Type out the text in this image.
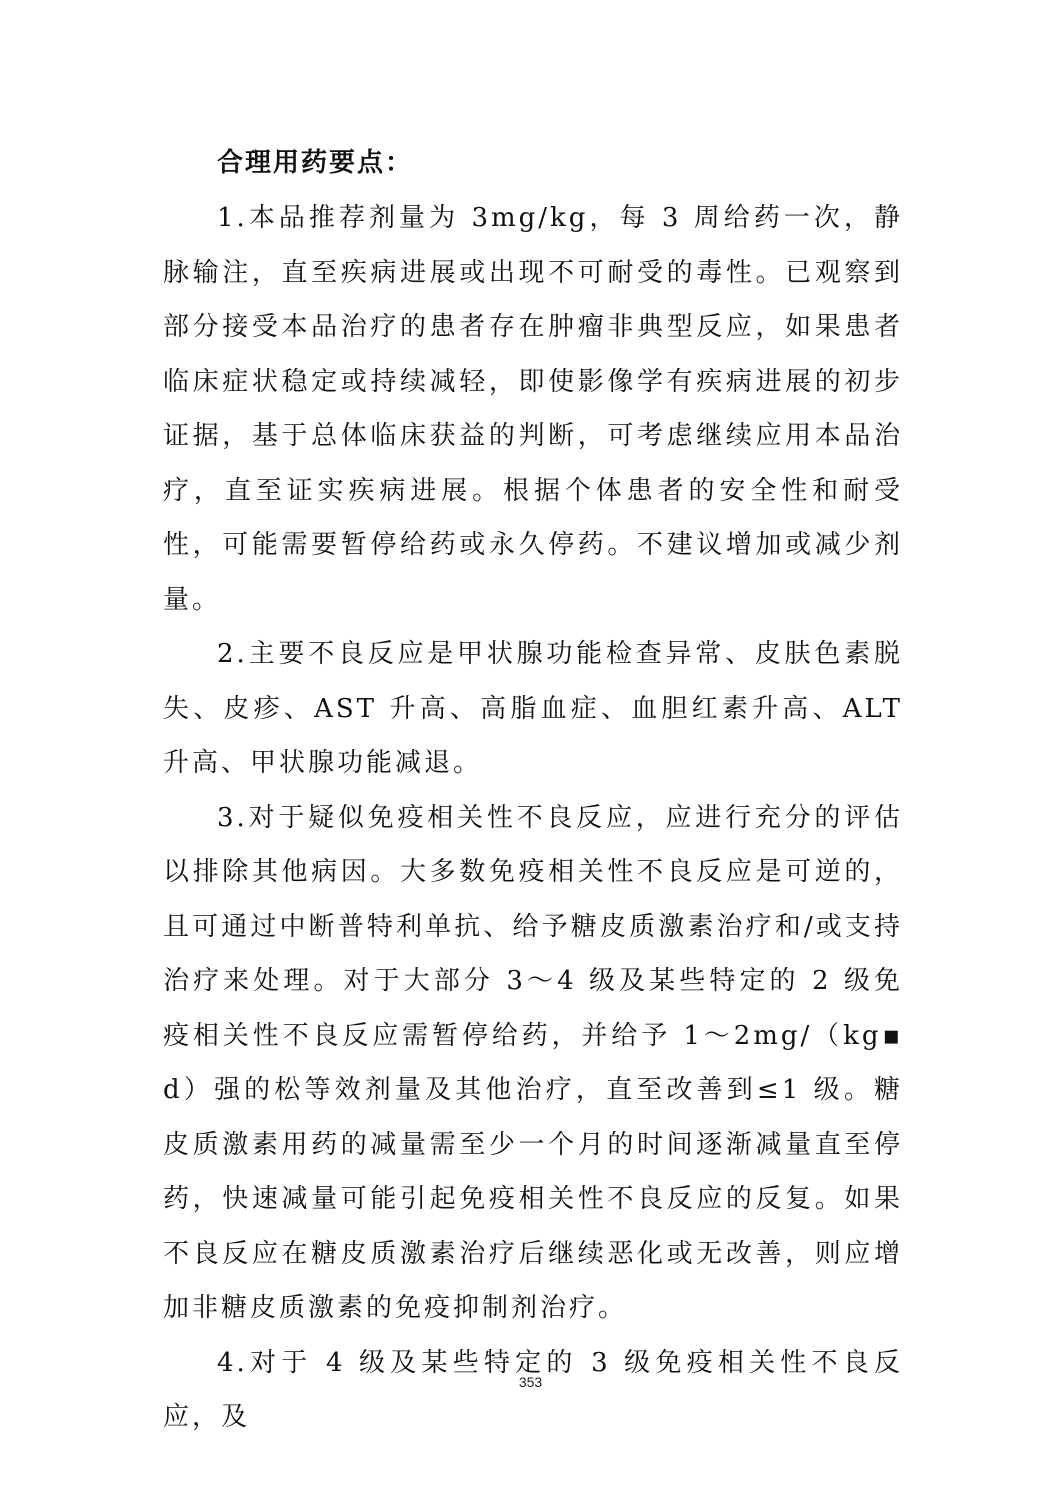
合理用药要点：

1.本品推荐剂量为 3mg/kg，每 3 周给药一次，静脉输注，直至疾病进展或出现不可耐受的毒性。已观察到部分接受本品治疗的患者存在肿瘤非典型反应，如果患者临床症状稳定或持续减轻，即使影像学有疾病进展的初步证据，基于总体临床获益的判断，可考虑继续应用本品治疗，直至证实疾病进展。根据个体患者的安全性和耐受性，可能需要暂停给药或永久停药。不建议增加或减少剂量。

2.主要不良反应是甲状腺功能检查异常、皮肤色素脱失、皮疹、AST 升高、高脂血症、血胆红素升高、ALT 升高、甲状腺功能减退。

3.对于疑似免疫相关性不良反应，应进行充分的评估以排除其他病因。大多数免疫相关性不良反应是可逆的，且可通过中断普特利单抗、给予糖皮质激素治疗和/或支持治疗来处理。对于大部分 3～4 级及某些特定的 2 级免疫相关性不良反应需暂停给药，并给予 1～2mg/（kg▪d）强的松等效剂量及其他治疗，直至改善到≤1 级。糖皮质激素用药的减量需至少一个月的时间逐渐减量直至停药，快速减量可能引起免疫相关性不良反应的反复。如果不良反应在糖皮质激素治疗后继续恶化或无改善，则应增加非糖皮质激素的免疫抑制剂治疗。

4.对于 4 级及某些特定的 3 级免疫相关性不良反应，及

353
